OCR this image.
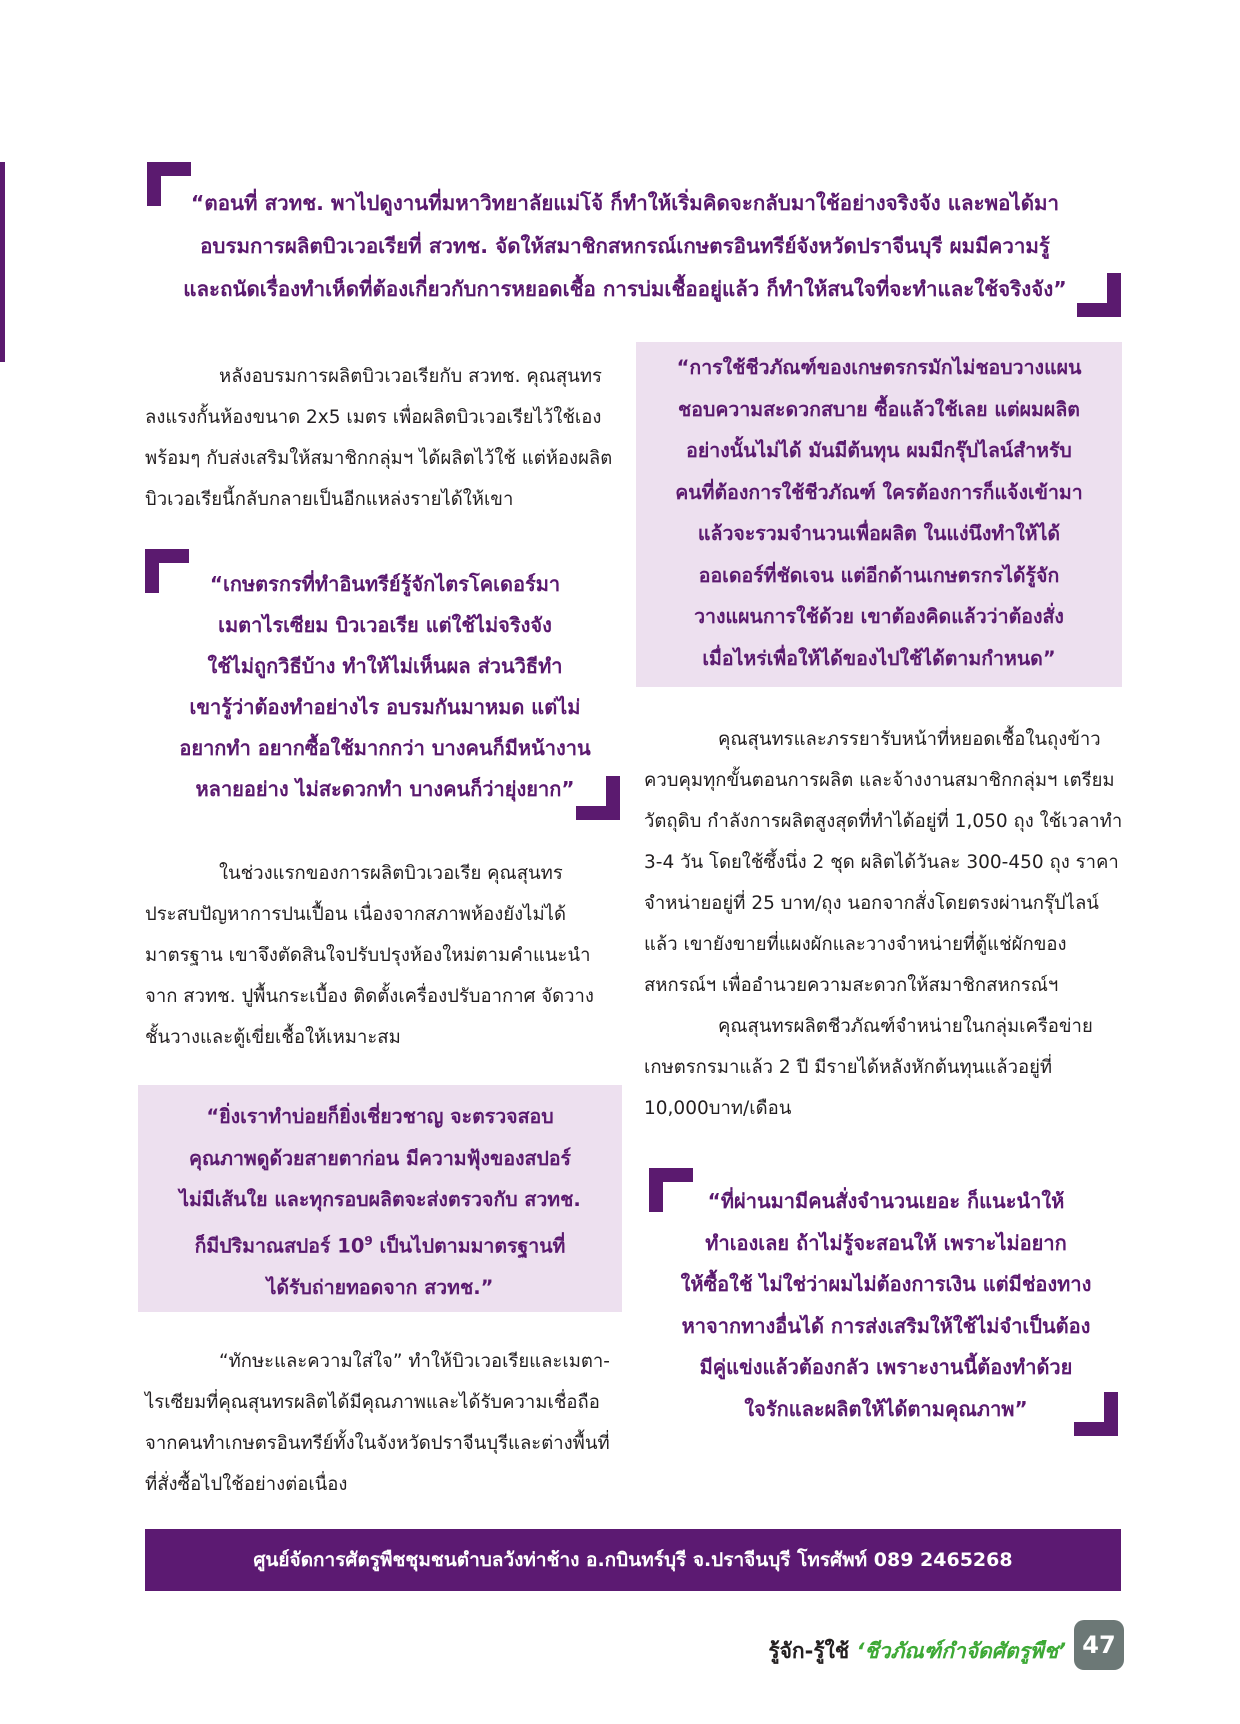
“ตอนที่ สวทช. พาไปดูงานที่มหาวิทยาลัยแม่โจ้ ก็ทำให้เริ่มคิดจะกลับมาใช้อย่างจริงจัง และพอได้มา
อบรมการผลิตบิวเวอเรียที่ สวทช. จัดให้สมาชิกสหกรณ์เกษตรอินทรีย์จังหวัดปราจีนบุรี ผมมีความรู้
และถนัดเรื่องทำเห็ดที่ต้องเกี่ยวกับการหยอดเชื้อ การบ่มเชื้ออยู่แล้ว ก็ทำให้สนใจที่จะทำและใช้จริงจัง”
หลังอบรมการผลิตบิวเวอเรียกับ สวทช. คุณสุนทร
ลงแรงกั้นห้องขนาด 2x5 เมตร เพื่อผลิตบิวเวอเรียไว้ใช้เอง
พร้อมๆ กับส่งเสริมให้สมาชิกกลุ่มฯ ได้ผลิตไว้ใช้ แต่ห้องผลิต
บิวเวอเรียนี้กลับกลายเป็นอีกแหล่งรายได้ให้เขา
“เกษตรกรที่ทำอินทรีย์รู้จักไตรโคเดอร์มา
เมตาไรเซียม บิวเวอเรีย แต่ใช้ไม่จริงจัง
ใช้ไม่ถูกวิธีบ้าง ทำให้ไม่เห็นผล ส่วนวิธีทำ
เขารู้ว่าต้องทำอย่างไร อบรมกันมาหมด แต่ไม่
อยากทำ อยากซื้อใช้มากกว่า บางคนก็มีหน้างาน
หลายอย่าง ไม่สะดวกทำ บางคนก็ว่ายุ่งยาก”
ในช่วงแรกของการผลิตบิวเวอเรีย คุณสุนทร
ประสบปัญหาการปนเปื้อน เนื่องจากสภาพห้องยังไม่ได้
มาตรฐาน เขาจึงตัดสินใจปรับปรุงห้องใหม่ตามคำแนะนำ
จาก สวทช. ปูพื้นกระเบื้อง ติดตั้งเครื่องปรับอากาศ จัดวาง
ชั้นวางและตู้เขี่ยเชื้อให้เหมาะสม
“ยิ่งเราทำบ่อยก็ยิ่งเชี่ยวชาญ จะตรวจสอบ
คุณภาพดูด้วยสายตาก่อน มีความฟุ้งของสปอร์
ไม่มีเส้นใย และทุกรอบผลิตจะส่งตรวจกับ สวทช.
ก็มีปริมาณสปอร์ $10^9$ เป็นไปตามมาตรฐานที่
ได้รับถ่ายทอดจาก สวทช.”
“ทักษะและความใส่ใจ” ทำให้บิวเวอเรียและเมตา-
ไรเซียมที่คุณสุนทรผลิตได้มีคุณภาพและได้รับความเชื่อถือ
จากคนทำเกษตรอินทรีย์ทั้งในจังหวัดปราจีนบุรีและต่างพื้นที่
ที่สั่งซื้อไปใช้อย่างต่อเนื่อง
“การใช้ชีวภัณฑ์ของเกษตรกรมักไม่ชอบวางแผน
ชอบความสะดวกสบาย ซื้อแล้วใช้เลย แต่ผมผลิต
อย่างนั้นไม่ได้ มันมีต้นทุน ผมมีกรุ๊ปไลน์สำหรับ
คนที่ต้องการใช้ชีวภัณฑ์ ใครต้องการก็แจ้งเข้ามา
แล้วจะรวมจำนวนเพื่อผลิต ในแง่นึงทำให้ได้
ออเดอร์ที่ชัดเจน แต่อีกด้านเกษตรกรได้รู้จัก
วางแผนการใช้ด้วย เขาต้องคิดแล้วว่าต้องสั่ง
เมื่อไหร่เพื่อให้ได้ของไปใช้ได้ตามกำหนด”
คุณสุนทรและภรรยารับหน้าที่หยอดเชื้อในถุงข้าว
ควบคุมทุกขั้นตอนการผลิต และจ้างงานสมาชิกกลุ่มฯ เตรียม
วัตถุดิบ กำลังการผลิตสูงสุดที่ทำได้อยู่ที่ 1,050 ถุง ใช้เวลาทำ
3-4 วัน โดยใช้ซึ้งนึ่ง 2 ชุด ผลิตได้วันละ 300-450 ถุง ราคา
จำหน่ายอยู่ที่ 25 บาท/ถุง นอกจากสั่งโดยตรงผ่านกรุ๊ปไลน์
แล้ว เขายังขายที่แผงผักและวางจำหน่ายที่ตู้แช่ผักของ
สหกรณ์ฯ เพื่ออำนวยความสะดวกให้สมาชิกสหกรณ์ฯ
คุณสุนทรผลิตชีวภัณฑ์จำหน่ายในกลุ่มเครือข่าย
เกษตรกรมาแล้ว 2 ปี มีรายได้หลังหักต้นทุนแล้วอยู่ที่
10,000บาท/เดือน
“ที่ผ่านมามีคนสั่งจำนวนเยอะ ก็แนะนำให้
ทำเองเลย ถ้าไม่รู้จะสอนให้ เพราะไม่อยาก
ให้ซื้อใช้ ไม่ใช่ว่าผมไม่ต้องการเงิน แต่มีช่องทาง
หาจากทางอื่นได้ การส่งเสริมให้ใช้ไม่จำเป็นต้อง
มีคู่แข่งแล้วต้องกลัว เพราะงานนี้ต้องทำด้วย
ใจรักและผลิตให้ได้ตามคุณภาพ”
ศูนย์จัดการศัตรูพืชชุมชนตำบลวังท่าช้าง อ.กบินทร์บุรี จ.ปราจีนบุรี โทรศัพท์ 089 2465268
รู้จัก-รู้ใช้ ‘ชีวภัณฑ์กำจัดศัตรูพืช’ 47
